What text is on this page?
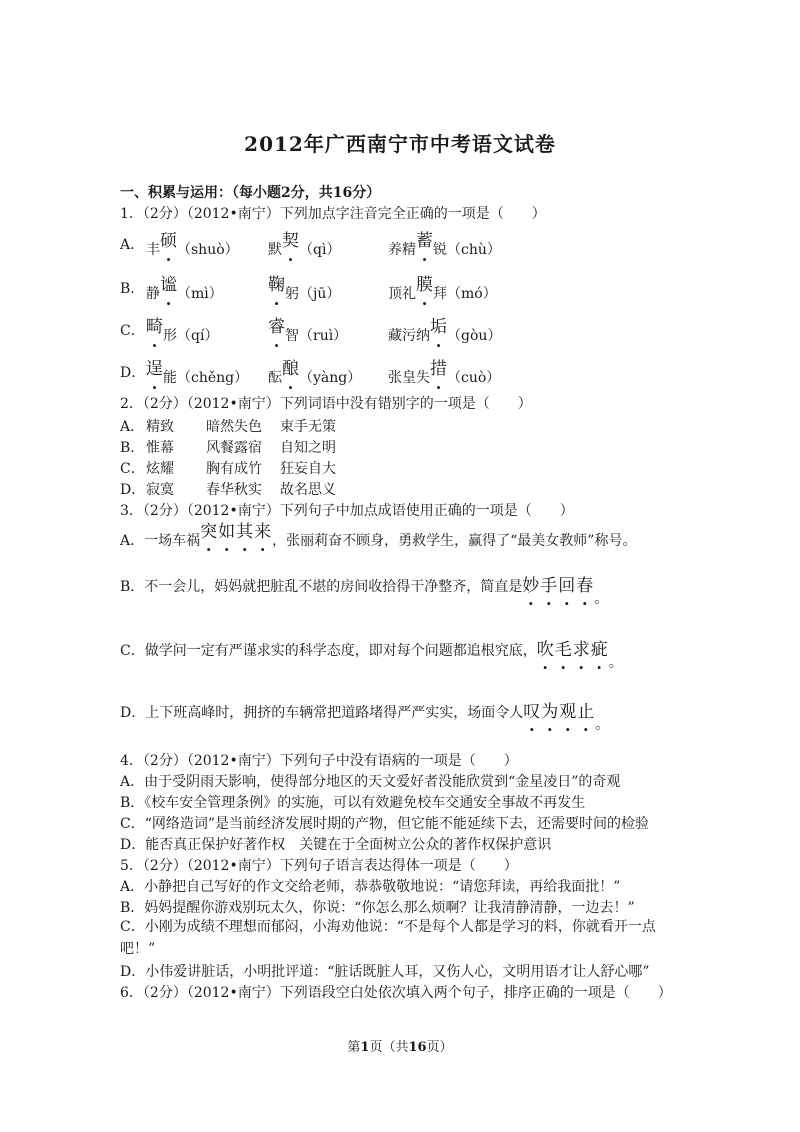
2012年广西南宁市中考语文试卷
一、积累与运用：（每小题2分，共16分）
1．（2分）（2012•南宁）下列加点字注音完全正确的一项是（　　）
A． 丰硕（shuò） 默契（qì）	养精蓄锐（chù）
B． 静谧（mì）	鞠躬（jū）	顶礼膜拜（mó）
C． 畸形（qí）	睿智（ruì）	藏污纳垢（gòu）
D． 逞能（chěng） 酝酿（yàng） 张皇失措（cuò）
2．（2分）（2012•南宁）下列词语中没有错别字的一项是（　　）
A． 精致 暗然失色 束手无策
B． 惟幕 风餐露宿 自知之明
C． 炫耀 胸有成竹 狂妄自大
D． 寂寞 春华秋实 故名思义
3．（2分）（2012•南宁）下列句子中加点成语使用正确的一项是（　　）
A．一场车祸突如其来，张丽莉奋不顾身，勇救学生，赢得了“最美女教师”称号。
B．不一会儿，妈妈就把脏乱不堪的房间收拾得干净整齐，简直是妙手回春。
C．做学问一定有严谨求实的科学态度，即对每个问题都追根究底，吹毛求疵。
D．上下班高峰时，拥挤的车辆常把道路堵得严严实实，场面令人叹为观止。
4．（2分）（2012•南宁）下列句子中没有语病的一项是（　　）
A．由于受阴雨天影响，使得部分地区的天文爱好者没能欣赏到“金星凌日”的奇观
B．《校车安全管理条例》的实施，可以有效避免校车交通安全事故不再发生
C．“网络造词”是当前经济发展时期的产物，但它能不能延续下去，还需要时间的检验
D．能否真正保护好著作权　关键在于全面树立公众的著作权保护意识
5．（2分）（2012•南宁）下列句子语言表达得体一项是（　　）
A．小静把自己写好的作文交给老师，恭恭敬敬地说：“请您拜读，再给我面批！”
B．妈妈提醒你游戏别玩太久，你说：“你怎么那么烦啊？让我清静清静，一边去！”
C．小刚为成绩不理想而郁闷，小海劝他说：“不是每个人都是学习的料，你就看开一点吧！”
D．小伟爱讲脏话，小明批评道：“脏话既脏人耳，又伤人心，文明用语才让人舒心哪”
6．（2分）（2012•南宁）下列语段空白处依次填入两个句子，排序正确的一项是（　　）
第1页（共16页）
